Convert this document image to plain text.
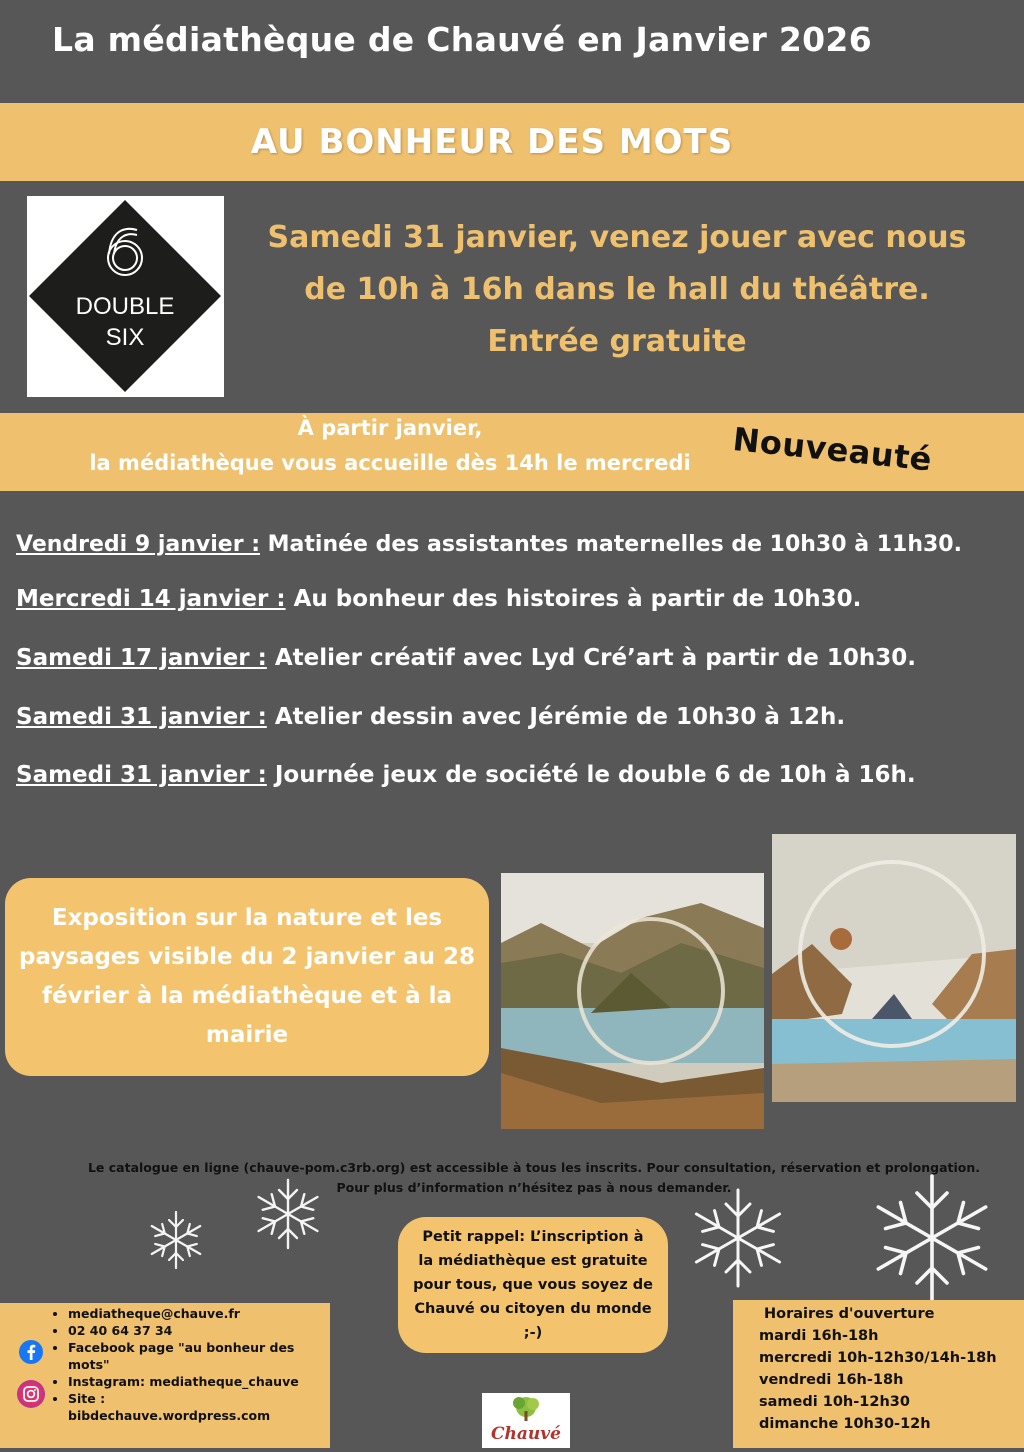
La médiathèque de Chauvé en Janvier 2026
AU BONHEUR DES MOTS
DOUBLE
SIX
Samedi 31 janvier, venez jouer avec nous
de 10h à 16h dans le hall du théâtre.
Entrée gratuite
À partir janvier,
la médiathèque vous accueille dès 14h le mercredi	Nouveauté
Vendredi 9 janvier : Matinée des assistantes maternelles de 10h30 à 11h30.
Mercredi 14 janvier : Au bonheur des histoires à partir de 10h30.
Samedi 17 janvier : Atelier créatif avec Lyd Cré’art à partir de 10h30.
Samedi 31 janvier : Atelier dessin avec Jérémie de 10h30 à 12h.
Samedi 31 janvier : Journée jeux de société le double 6 de 10h à 16h.
Exposition sur la nature et les paysages visible du 2 janvier au 28 février à la médiathèque et à la mairie
Le catalogue en ligne (chauve-pom.c3rb.org) est accessible à tous les inscrits. Pour consultation, réservation et prolongation.
Pour plus d’information n’hésitez pas à nous demander.
Petit rappel: L’inscription à la médiathèque est gratuite pour tous, que vous soyez de Chauvé ou citoyen du monde ;-)
• mediatheque@chauve.fr
• 02 40 64 37 34
• Facebook page "au bonheur des mots"
• Instagram: mediatheque_chauve
• Site :
bibdechauve.wordpress.com
Chauvé
Horaires d'ouverture
mardi 16h-18h
mercredi 10h-12h30/14h-18h
vendredi 16h-18h
samedi 10h-12h30
dimanche 10h30-12h
